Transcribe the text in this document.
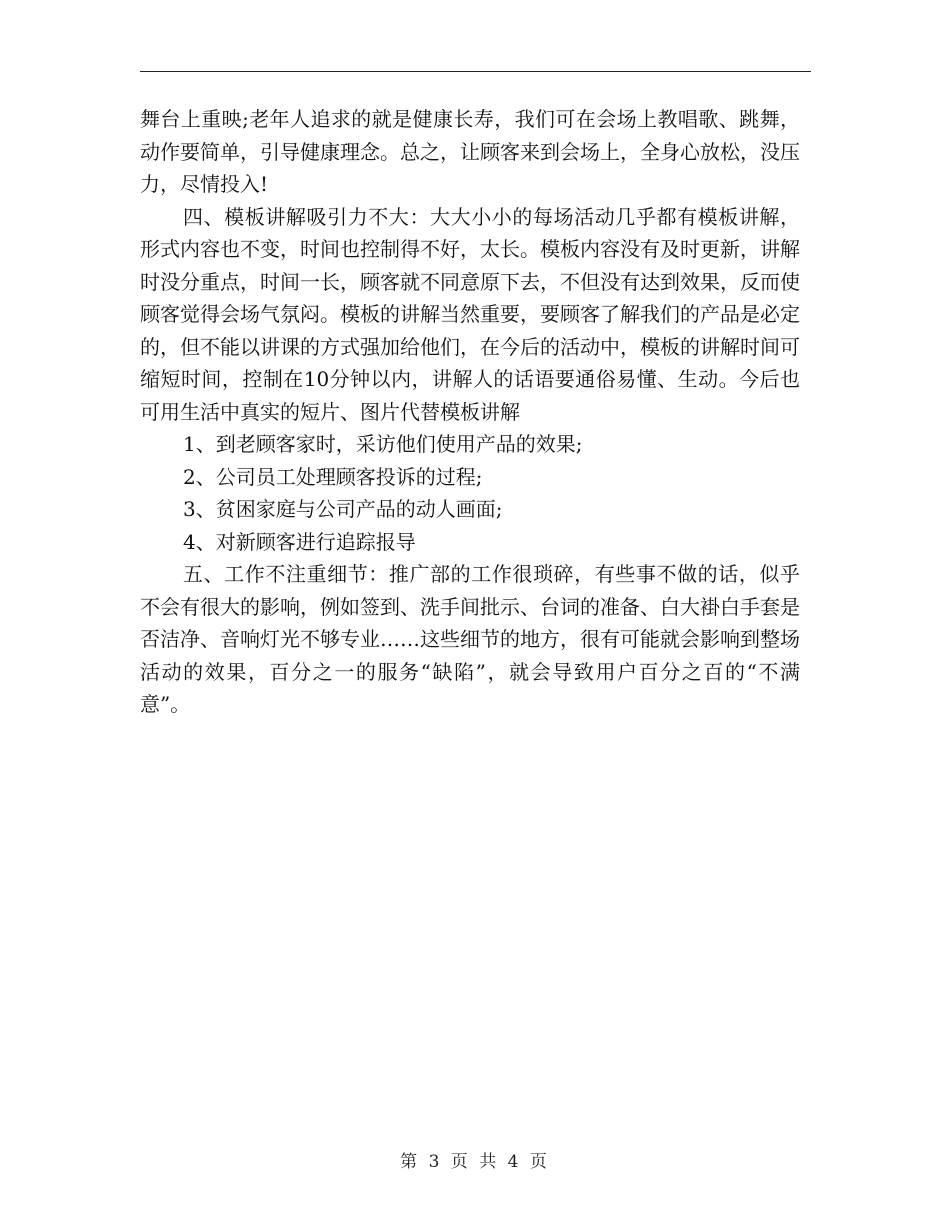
舞台上重映;老年人追求的就是健康长寿，我们可在会场上教唱歌、跳舞，动作要简单，引导健康理念。总之，让顾客来到会场上，全身心放松，没压力，尽情投入!

四、模板讲解吸引力不大：大大小小的每场活动几乎都有模板讲解，形式内容也不变，时间也控制得不好，太长。模板内容没有及时更新，讲解时没分重点，时间一长，顾客就不同意原下去，不但没有达到效果，反而使顾客觉得会场气氛闷。模板的讲解当然重要，要顾客了解我们的产品是必定的，但不能以讲课的方式强加给他们，在今后的活动中，模板的讲解时间可缩短时间，控制在10分钟以内，讲解人的话语要通俗易懂、生动。今后也可用生活中真实的短片、图片代替模板讲解

1、到老顾客家时，采访他们使用产品的效果;

2、公司员工处理顾客投诉的过程;

3、贫困家庭与公司产品的动人画面;

4、对新顾客进行追踪报导

五、工作不注重细节：推广部的工作很琐碎，有些事不做的话，似乎不会有很大的影响，例如签到、洗手间批示、台词的准备、白大褂白手套是否洁净、音响灯光不够专业……这些细节的地方，很有可能就会影响到整场活动的效果，百分之一的服务“缺陷”，就会导致用户百分之百的“不满意”。

第 3 页 共 4 页
